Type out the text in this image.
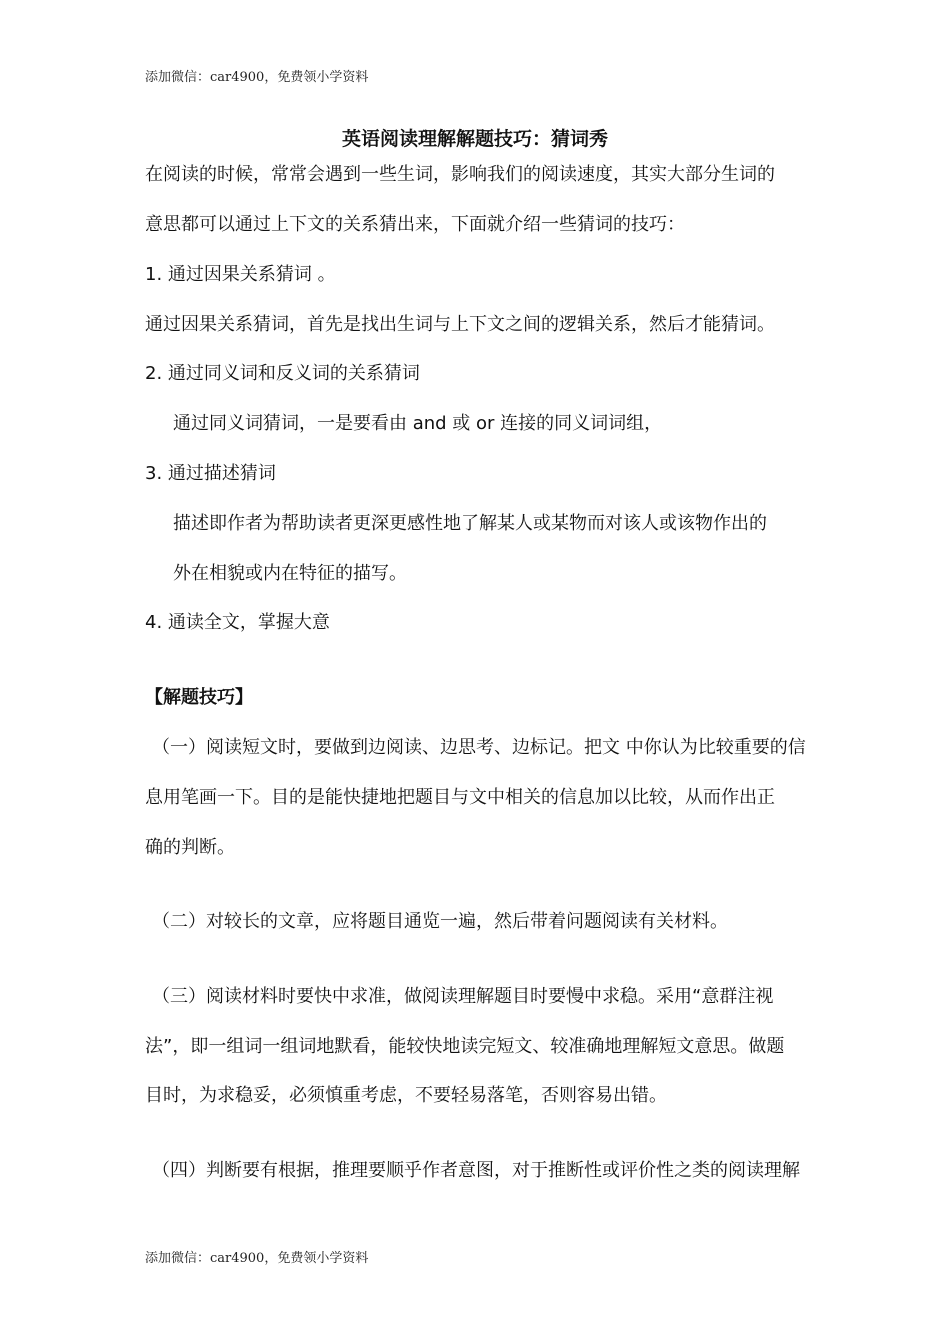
添加微信：car4900，免费领小学资料
英语阅读理解解题技巧：猜词秀
在阅读的时候，常常会遇到一些生词，影响我们的阅读速度，其实大部分生词的
意思都可以通过上下文的关系猜出来，下面就介绍一些猜词的技巧：
1. 通过因果关系猜词 。
通过因果关系猜词，首先是找出生词与上下文之间的逻辑关系，然后才能猜词。
2. 通过同义词和反义词的关系猜词
通过同义词猜词，一是要看由 and 或 or 连接的同义词词组，
3. 通过描述猜词
描述即作者为帮助读者更深更感性地了解某人或某物而对该人或该物作出的
外在相貌或内在特征的描写。
4. 通读全文，掌握大意
【解题技巧】
（一）阅读短文时，要做到边阅读、边思考、边标记。把文 中你认为比较重要的信
息用笔画一下。目的是能快捷地把题目与文中相关的信息加以比较，从而作出正
确的判断。
（二）对较长的文章，应将题目通览一遍，然后带着问题阅读有关材料。
（三）阅读材料时要快中求准，做阅读理解题目时要慢中求稳。采用“意群注视
法”，即一组词一组词地默看，能较快地读完短文、较准确地理解短文意思。做题
目时，为求稳妥，必须慎重考虑，不要轻易落笔，否则容易出错。
（四）判断要有根据，推理要顺乎作者意图，对于推断性或评价性之类的阅读理解
添加微信：car4900，免费领小学资料
